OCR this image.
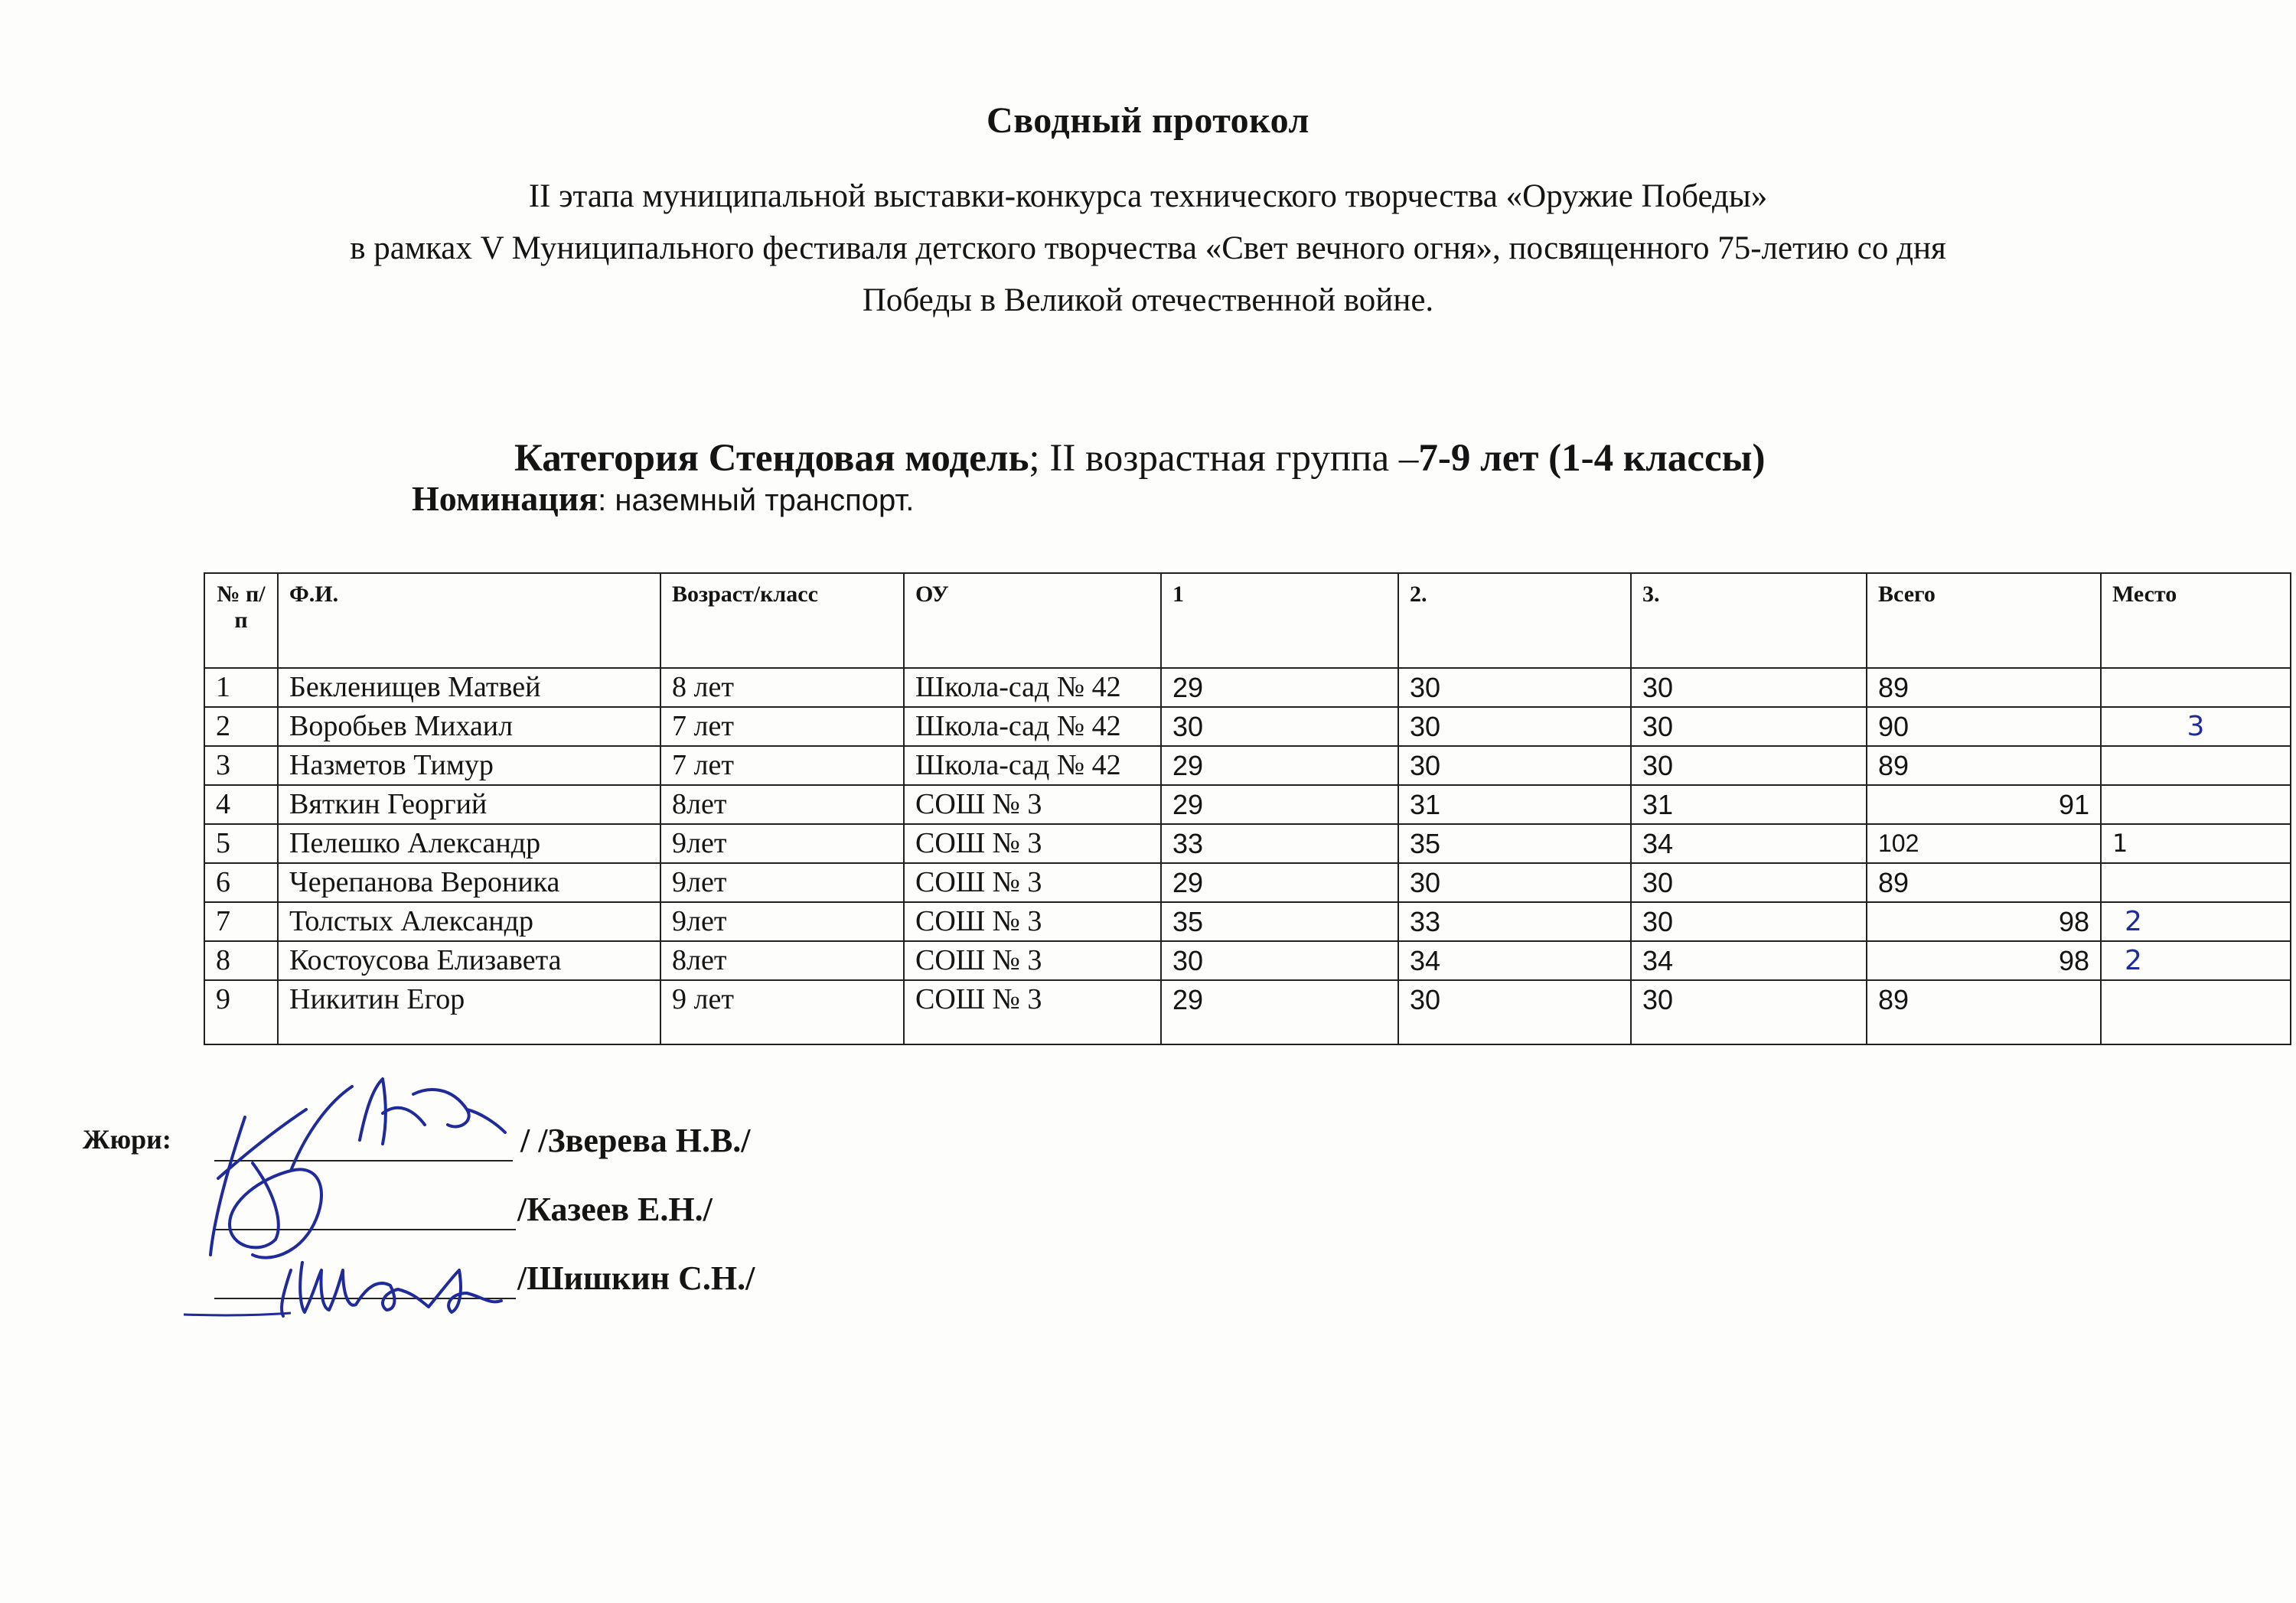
Сводный протокол
II этапа муниципальной выставки-конкурса технического творчества «Оружие Победы»
в рамках V Муниципального фестиваля детского творчества «Свет вечного огня», посвященного 75-летию со дня
Победы в Великой отечественной войне.
Категория Стендовая модель; II возрастная группа –7-9 лет (1-4 классы)
Номинация: наземный транспорт.
№ п/п	Ф.И.	Возраст/класс	ОУ	1	2.	3.	Всего	Место
1	Бекленищев Матвей	8 лет	Школа-сад № 42	29	30	30	89	
2	Воробьев Михаил	7 лет	Школа-сад № 42	30	30	30	90	3
3	Назметов Тимур	7 лет	Школа-сад № 42	29	30	30	89	
4	Вяткин Георгий	8лет	СОШ № 3	29	31	31	91	
5	Пелешко Александр	9лет	СОШ № 3	33	35	34	102	1
6	Черепанова Вероника	9лет	СОШ № 3	29	30	30	89	
7	Толстых Александр	9лет	СОШ № 3	35	33	30	98	2
8	Костоусова Елизавета	8лет	СОШ № 3	30	34	34	98	2
9	Никитин Егор	9 лет	СОШ № 3	29	30	30	89	
Жюри:	/ /Зверева Н.В./
/Казеев Е.Н./
/Шишкин С.Н./
